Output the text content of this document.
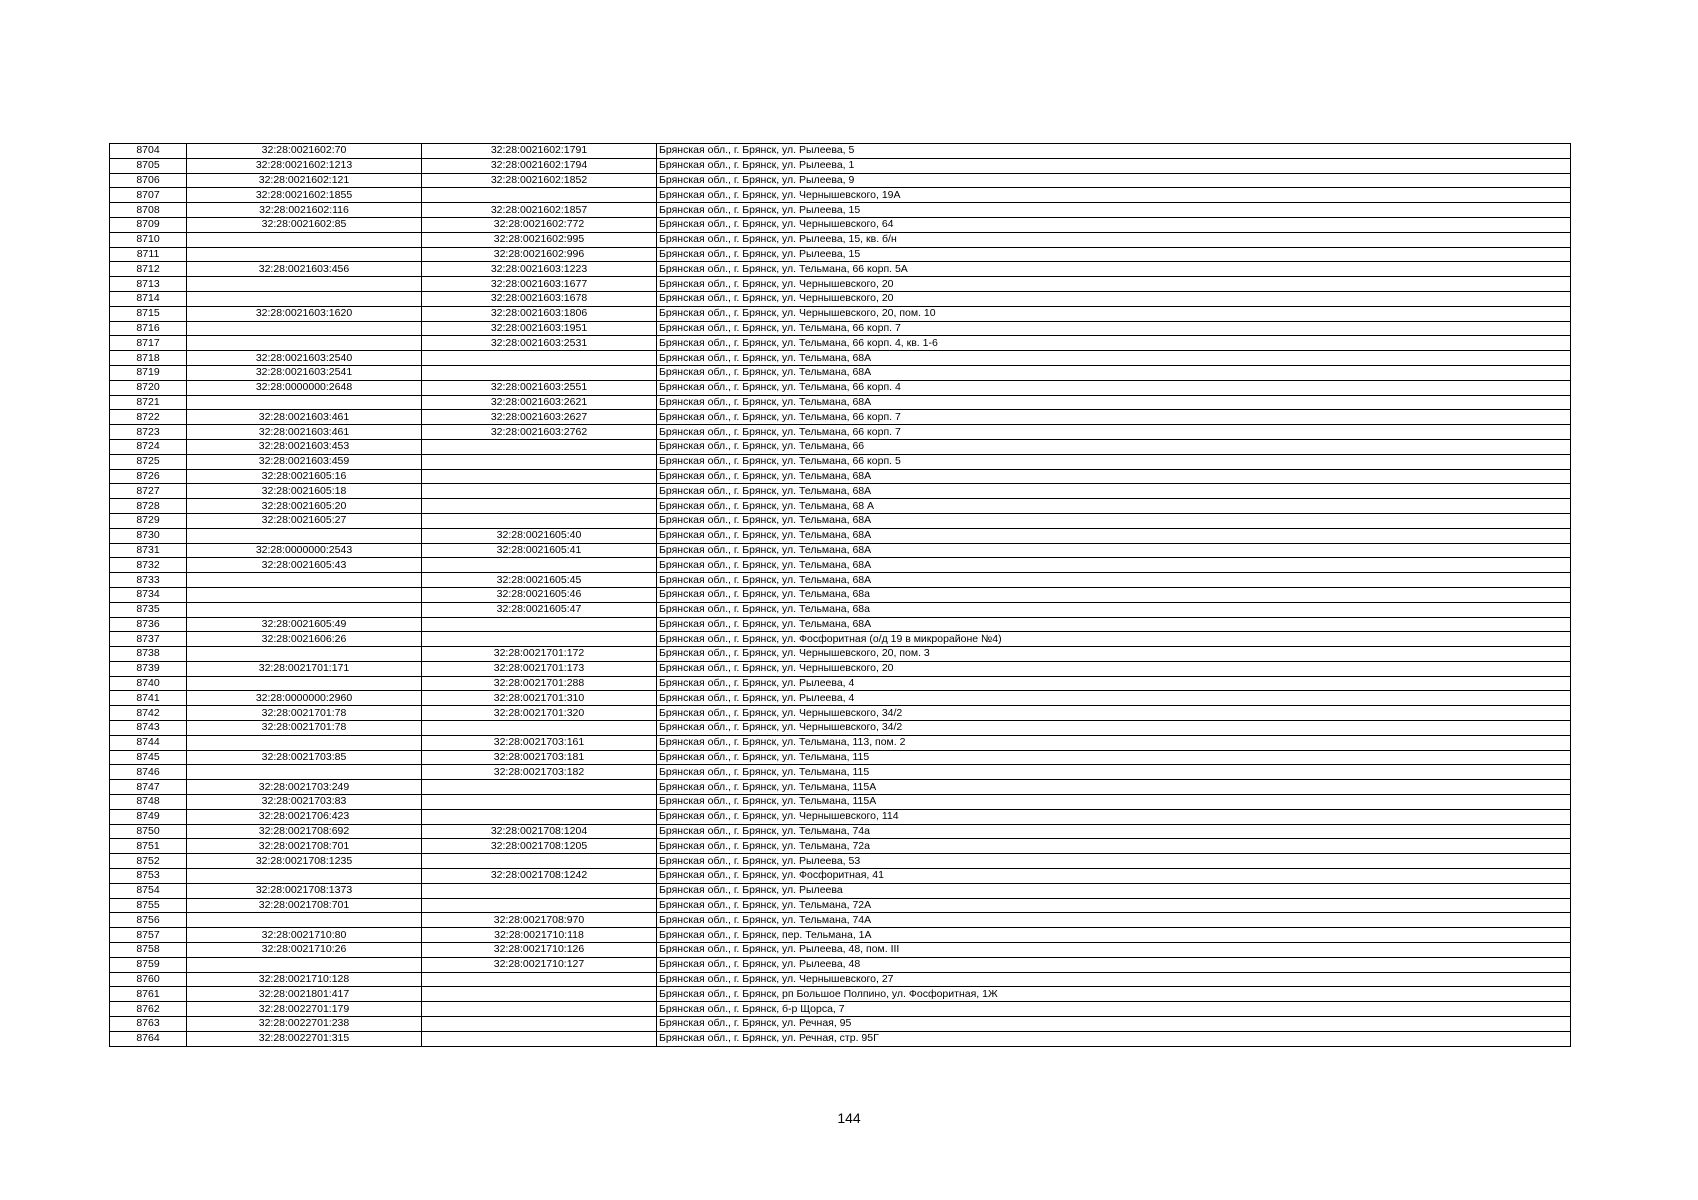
8704	32:28:0021602:70	32:28:0021602:1791	Брянская обл., г. Брянск, ул. Рылеева, 5
8705	32:28:0021602:1213	32:28:0021602:1794	Брянская обл., г. Брянск, ул. Рылеева, 1
8706	32:28:0021602:121	32:28:0021602:1852	Брянская обл., г. Брянск, ул. Рылеева, 9
8707	32:28:0021602:1855		Брянская обл., г. Брянск, ул. Чернышевского, 19А
8708	32:28:0021602:116	32:28:0021602:1857	Брянская обл., г. Брянск, ул. Рылеева, 15
8709	32:28:0021602:85	32:28:0021602:772	Брянская обл., г. Брянск, ул. Чернышевского, 64
8710		32:28:0021602:995	Брянская обл., г. Брянск, ул. Рылеева, 15, кв. б/н
8711		32:28:0021602:996	Брянская обл., г. Брянск, ул. Рылеева, 15
8712	32:28:0021603:456	32:28:0021603:1223	Брянская обл., г. Брянск, ул. Тельмана, 66 корп. 5А
8713		32:28:0021603:1677	Брянская обл., г. Брянск, ул. Чернышевского, 20
8714		32:28:0021603:1678	Брянская обл., г. Брянск, ул. Чернышевского, 20
8715	32:28:0021603:1620	32:28:0021603:1806	Брянская обл., г. Брянск, ул. Чернышевского, 20, пом. 10
8716		32:28:0021603:1951	Брянская обл., г. Брянск, ул. Тельмана, 66 корп. 7
8717		32:28:0021603:2531	Брянская обл., г. Брянск, ул. Тельмана, 66 корп. 4, кв. 1-6
8718	32:28:0021603:2540		Брянская обл., г. Брянск, ул. Тельмана, 68А
8719	32:28:0021603:2541		Брянская обл., г. Брянск, ул. Тельмана, 68А
8720	32:28:0000000:2648	32:28:0021603:2551	Брянская обл., г. Брянск, ул. Тельмана, 66 корп. 4
8721		32:28:0021603:2621	Брянская обл., г. Брянск, ул. Тельмана, 68А
8722	32:28:0021603:461	32:28:0021603:2627	Брянская обл., г. Брянск, ул. Тельмана, 66 корп. 7
8723	32:28:0021603:461	32:28:0021603:2762	Брянская обл., г. Брянск, ул. Тельмана, 66 корп. 7
8724	32:28:0021603:453		Брянская обл., г. Брянск, ул. Тельмана, 66
8725	32:28:0021603:459		Брянская обл., г. Брянск, ул. Тельмана, 66 корп. 5
8726	32:28:0021605:16		Брянская обл., г. Брянск, ул. Тельмана, 68А
8727	32:28:0021605:18		Брянская обл., г. Брянск, ул. Тельмана, 68А
8728	32:28:0021605:20		Брянская обл., г. Брянск, ул. Тельмана, 68 А
8729	32:28:0021605:27		Брянская обл., г. Брянск, ул. Тельмана, 68А
8730		32:28:0021605:40	Брянская обл., г. Брянск, ул. Тельмана, 68А
8731	32:28:0000000:2543	32:28:0021605:41	Брянская обл., г. Брянск, ул. Тельмана, 68А
8732	32:28:0021605:43		Брянская обл., г. Брянск, ул. Тельмана, 68А
8733		32:28:0021605:45	Брянская обл., г. Брянск, ул. Тельмана, 68А
8734		32:28:0021605:46	Брянская обл., г. Брянск, ул. Тельмана, 68а
8735		32:28:0021605:47	Брянская обл., г. Брянск, ул. Тельмана, 68а
8736	32:28:0021605:49		Брянская обл., г. Брянск, ул. Тельмана, 68А
8737	32:28:0021606:26		Брянская обл., г. Брянск, ул. Фосфоритная (о/д 19 в микрорайоне №4)
8738		32:28:0021701:172	Брянская обл., г. Брянск, ул. Чернышевского, 20, пом. 3
8739	32:28:0021701:171	32:28:0021701:173	Брянская обл., г. Брянск, ул. Чернышевского, 20
8740		32:28:0021701:288	Брянская обл., г. Брянск, ул. Рылеева, 4
8741	32:28:0000000:2960	32:28:0021701:310	Брянская обл., г. Брянск, ул. Рылеева, 4
8742	32:28:0021701:78	32:28:0021701:320	Брянская обл., г. Брянск, ул. Чернышевского, 34/2
8743	32:28:0021701:78		Брянская обл., г. Брянск, ул. Чернышевского, 34/2
8744		32:28:0021703:161	Брянская обл., г. Брянск, ул. Тельмана, 113, пом. 2
8745	32:28:0021703:85	32:28:0021703:181	Брянская обл., г. Брянск, ул. Тельмана, 115
8746		32:28:0021703:182	Брянская обл., г. Брянск, ул. Тельмана, 115
8747	32:28:0021703:249		Брянская обл., г. Брянск, ул. Тельмана, 115А
8748	32:28:0021703:83		Брянская обл., г. Брянск, ул. Тельмана, 115А
8749	32:28:0021706:423		Брянская обл., г. Брянск, ул. Чернышевского, 114
8750	32:28:0021708:692	32:28:0021708:1204	Брянская обл., г. Брянск, ул. Тельмана, 74а
8751	32:28:0021708:701	32:28:0021708:1205	Брянская обл., г. Брянск, ул. Тельмана, 72а
8752	32:28:0021708:1235		Брянская обл., г. Брянск, ул. Рылеева, 53
8753		32:28:0021708:1242	Брянская обл., г. Брянск, ул. Фосфоритная, 41
8754	32:28:0021708:1373		Брянская обл., г. Брянск, ул. Рылеева
8755	32:28:0021708:701		Брянская обл., г. Брянск, ул. Тельмана, 72А
8756		32:28:0021708:970	Брянская обл., г. Брянск, ул. Тельмана, 74А
8757	32:28:0021710:80	32:28:0021710:118	Брянская обл., г. Брянск, пер. Тельмана, 1А
8758	32:28:0021710:26	32:28:0021710:126	Брянская обл., г. Брянск, ул. Рылеева, 48, пом. III
8759		32:28:0021710:127	Брянская обл., г. Брянск, ул. Рылеева, 48
8760	32:28:0021710:128		Брянская обл., г. Брянск, ул. Чернышевского, 27
8761	32:28:0021801:417		Брянская обл., г. Брянск, рп Большое Полпино, ул. Фосфоритная, 1Ж
8762	32:28:0022701:179		Брянская обл., г. Брянск, б-р Щорса, 7
8763	32:28:0022701:238		Брянская обл., г. Брянск, ул. Речная, 95
8764	32:28:0022701:315		Брянская обл., г. Брянск, ул. Речная, стр. 95Г
144
